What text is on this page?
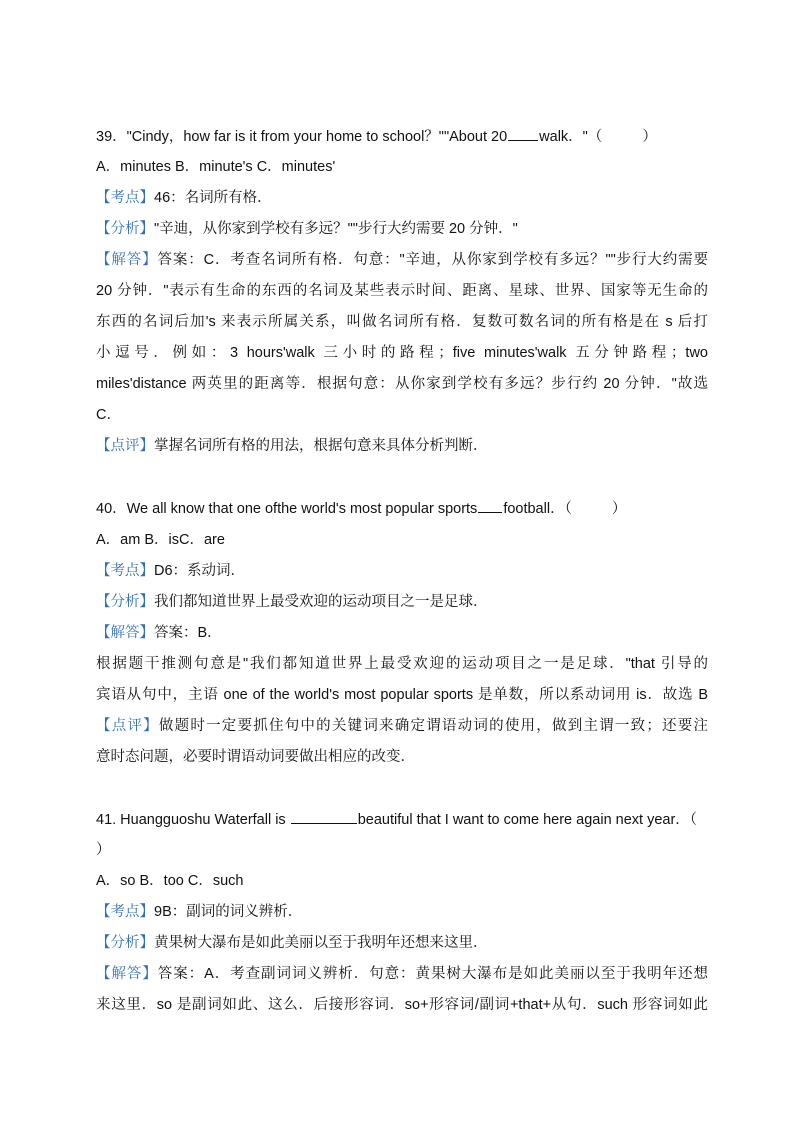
39．"Cindy，how far is it from your home to school？""About 20 walk．"（	）
A．minutes B．minute's C．minutes'
【考点】46：名词所有格．
【分析】"辛迪，从你家到学校有多远？""步行大约需要 20 分钟．"
【解答】答案：C．考查名词所有格．句意："辛迪，从你家到学校有多远？""步行大约需要
20 分钟．"表示有生命的东西的名词及某些表示时间、距离、星球、世界、国家等无生命的
东西的名词后加's 来表示所属关系，叫做名词所有格．复数可数名词的所有格是在 s 后打
小逗号．例如：3 hours'walk 三小时的路程；five minutes'walk 五分钟路程；two
miles'distance 两英里的距离等．根据句意：从你家到学校有多远？步行约 20 分钟．"故选
C．
【点评】掌握名词所有格的用法，根据句意来具体分析判断．
40．We all know that one ofthe world's most popular sports football．（	）
A．am B．isC．are
【考点】D6：系动词．
【分析】我们都知道世界上最受欢迎的运动项目之一是足球．
【解答】答案：B．
根据题干推测句意是"我们都知道世界上最受欢迎的运动项目之一是足球．"that 引导的
宾语从句中，主语 one of the world's most popular sports 是单数，所以系动词用 is．故选 B
【点评】做题时一定要抓住句中的关键词来确定谓语动词的使用，做到主谓一致；还要注
意时态问题，必要时谓语动词要做出相应的改变．
41. Huangguoshu Waterfall is	beautiful that I want to come here again next year．（
）
A．so B．too C．such
【考点】9B：副词的词义辨析．
【分析】黄果树大瀑布是如此美丽以至于我明年还想来这里．
【解答】答案：A．考查副词词义辨析．句意：黄果树大瀑布是如此美丽以至于我明年还想
来这里．so 是副词如此、这么．后接形容词．so+形容词/副词+that+从句．such 形容词如此
